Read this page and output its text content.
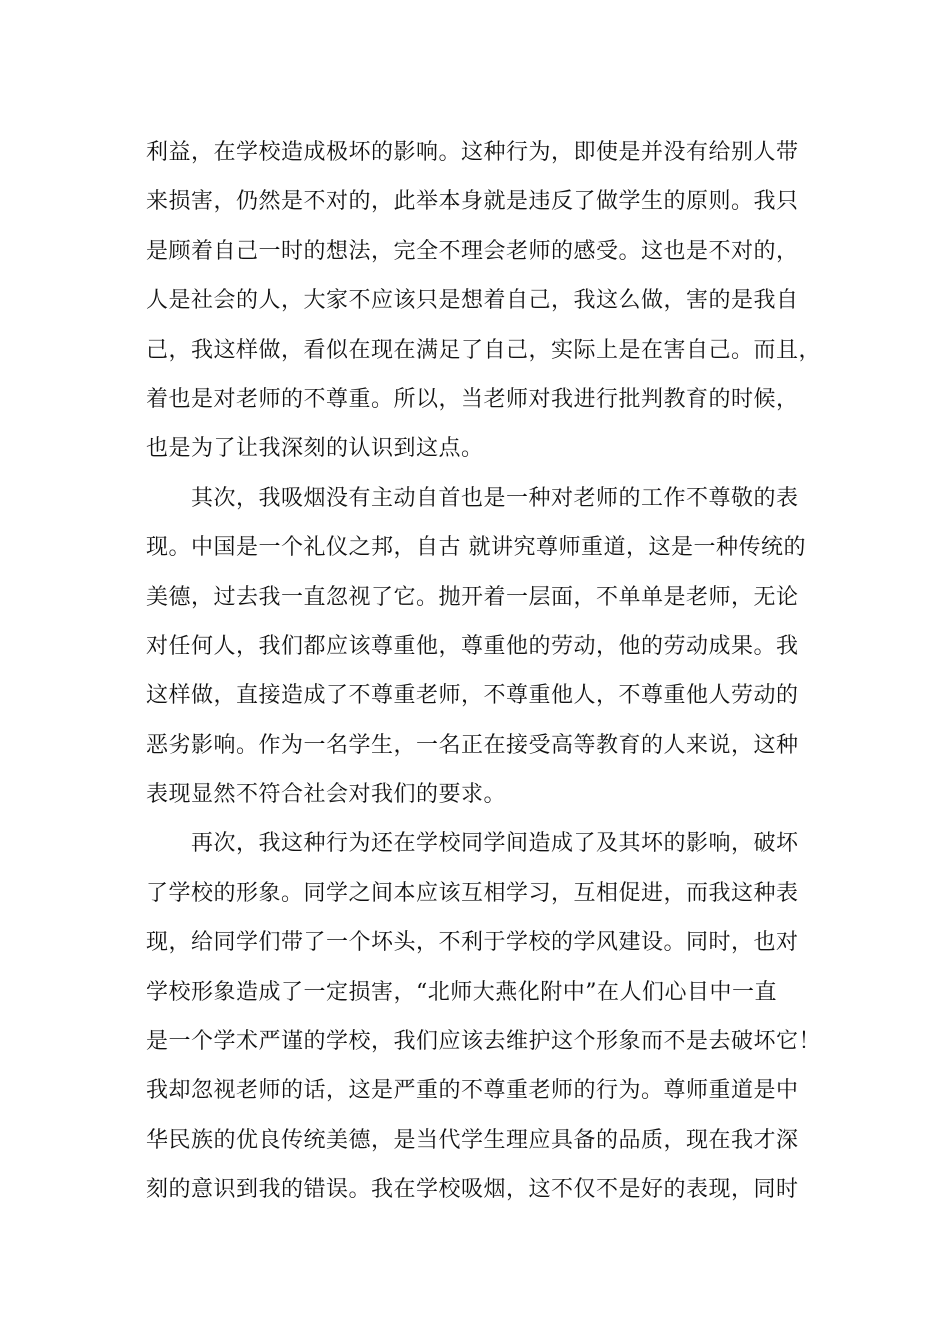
利益，在学校造成极坏的影响。这种行为，即使是并没有给别人带
来损害，仍然是不对的，此举本身就是违反了做学生的原则。我只
是顾着自己一时的想法，完全不理会老师的感受。这也是不对的，
人是社会的人，大家不应该只是想着自己，我这么做，害的是我自
己，我这样做，看似在现在满足了自己，实际上是在害自己。而且，
着也是对老师的不尊重。所以，当老师对我进行批判教育的时候，
也是为了让我深刻的认识到这点。
　　其次，我吸烟没有主动自首也是一种对老师的工作不尊敬的表
现。中国是一个礼仪之邦，自古 就讲究尊师重道，这是一种传统的
美德，过去我一直忽视了它。抛开着一层面，不单单是老师，无论
对任何人，我们都应该尊重他，尊重他的劳动，他的劳动成果。我
这样做，直接造成了不尊重老师，不尊重他人，不尊重他人劳动的
恶劣影响。作为一名学生，一名正在接受高等教育的人来说，这种
表现显然不符合社会对我们的要求。
　　再次，我这种行为还在学校同学间造成了及其坏的影响，破坏
了学校的形象。同学之间本应该互相学习，互相促进，而我这种表
现，给同学们带了一个坏头，不利于学校的学风建设。同时，也对
学校形象造成了一定损害，“北师大燕化附中”在人们心目中一直
是一个学术严谨的学校，我们应该去维护这个形象而不是去破坏它！
我却忽视老师的话，这是严重的不尊重老师的行为。尊师重道是中
华民族的优良传统美德，是当代学生理应具备的品质，现在我才深
刻的意识到我的错误。我在学校吸烟，这不仅不是好的表现，同时
